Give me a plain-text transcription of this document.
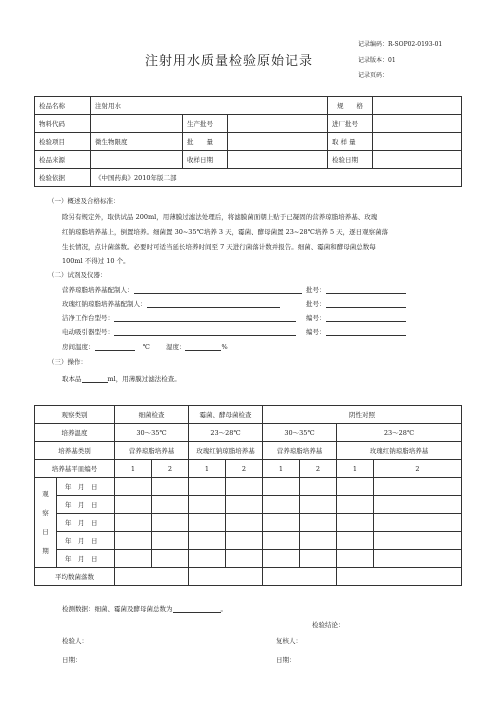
注射用水质量检验原始记录
记录编码：R-SOP02-0193-01
记录版本：01
记录页码：
检品名称	注射用水			规　　格	
物料代码		生产批号		进厂批号	
检验项目	微生物限度	批　　量		取 样 量	
检品来源		收样日期		检验日期	
检验依据	《中国药典》2010年版二部				
（一）概述及合格标准：
除另有规定外，取供试品 200ml，用薄膜过滤法处理后，将滤膜菌面朝上贴于已凝固的营养琼脂培养基、玫瑰
红钠琼脂培养基上，倒置培养。细菌置 30~35℃培养 3 天，霉菌、酵母菌置 23~28℃培养 5 天，逐日观察菌落
生长情况，点计菌落数。必要时可适当延长培养时间至 7 天进行菌落计数并报告。细菌、霉菌和酵母菌总数每
100ml 不得过 10 个。
（二）试剂及仪器：
营养琼脂培养基配制人：	批号：
玫瑰红钠琼脂培养基配制人：	批号：
洁净工作台型号：	编号：
电动吸引器型号：	编号：
房间温度：	℃ 湿度：	%
（三）操作：
取本品	ml，用薄膜过滤法检查。
观察类别		细菌检查		霉菌、酵母菌检查		阴性对照			
培养温度		30～35℃		23～28℃		30～35℃		23～28℃	
培养基类别		营养琼脂培养基		玫瑰红钠琼脂培养基		营养琼脂培养基		玫瑰红钠琼脂培养基	
培养基平皿编号		1	2	1	2	1	2	1	2

观
察
日
期	年　月　日								
	年　月　日								
	年　月　日								
	年　月　日								
	年　月　日								
平均数菌落数									
检测数据：细菌、霉菌及酵母菌总数为	。
检验结论：
检验人：	复核人：
日期：	日期：
